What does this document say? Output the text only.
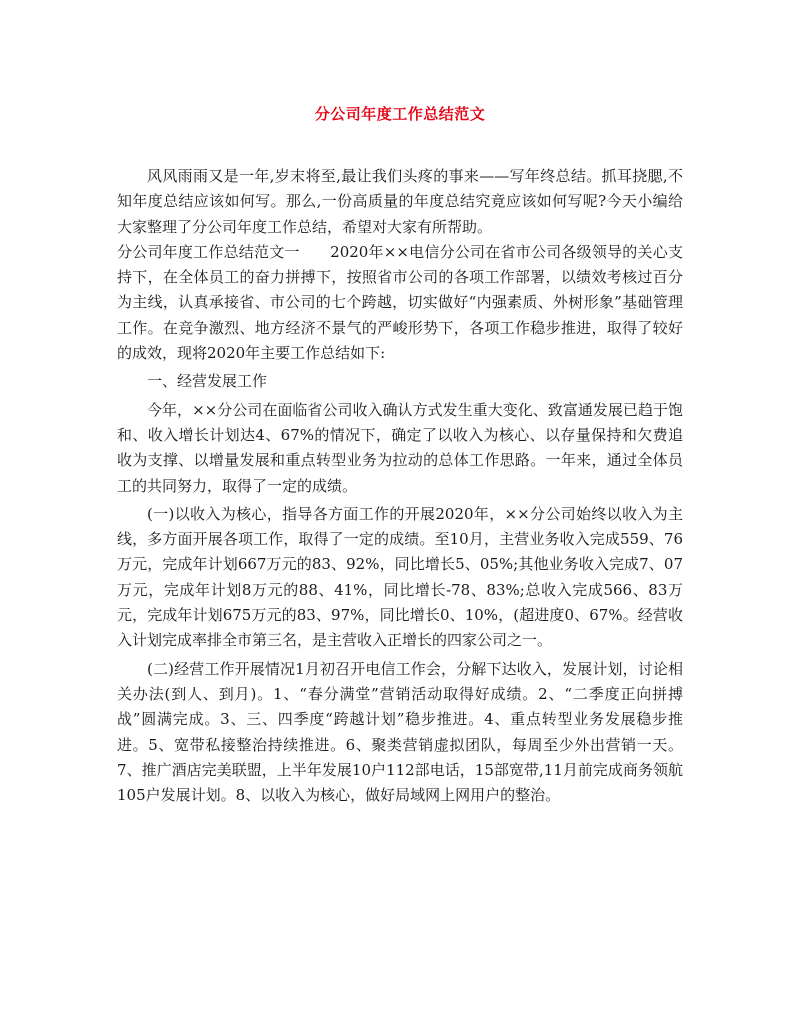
分公司年度工作总结范文

风风雨雨又是一年,岁末将至,最让我们头疼的事来——写年终总结。抓耳挠腮,不知年度总结应该如何写。那么,一份高质量的年度总结究竟应该如何写呢?今天小编给大家整理了分公司年度工作总结，希望对大家有所帮助。

分公司年度工作总结范文一　　2020年××电信分公司在省市公司各级领导的关心支持下，在全体员工的奋力拼搏下，按照省市公司的各项工作部署，以绩效考核过百分为主线，认真承接省、市公司的七个跨越，切实做好“内强素质、外树形象”基础管理工作。在竞争激烈、地方经济不景气的严峻形势下，各项工作稳步推进，取得了较好的成效，现将2020年主要工作总结如下:

一、经营发展工作

今年，××分公司在面临省公司收入确认方式发生重大变化、致富通发展已趋于饱和、收入增长计划达4、67%的情况下，确定了以收入为核心、以存量保持和欠费追收为支撑、以增量发展和重点转型业务为拉动的总体工作思路。一年来，通过全体员工的共同努力，取得了一定的成绩。

(一)以收入为核心，指导各方面工作的开展2020年，××分公司始终以收入为主线，多方面开展各项工作，取得了一定的成绩。至10月，主营业务收入完成559、76万元，完成年计划667万元的83、92%，同比增长5、05%;其他业务收入完成7、07万元，完成年计划8万元的88、41%，同比增长-78、83%;总收入完成566、83万元，完成年计划675万元的83、97%，同比增长0、10%，(超进度0、67%。经营收入计划完成率排全市第三名，是主营收入正增长的四家公司之一。

(二)经营工作开展情况1月初召开电信工作会，分解下达收入，发展计划，讨论相关办法(到人、到月)。1、“春分满堂”营销活动取得好成绩。2、“二季度正向拼搏战”圆满完成。3、三、四季度“跨越计划”稳步推进。4、重点转型业务发展稳步推进。5、宽带私接整治持续推进。6、聚类营销虚拟团队，每周至少外出营销一天。7、推广酒店完美联盟，上半年发展10户112部电话，15部宽带,11月前完成商务领航105户发展计划。8、以收入为核心，做好局域网上网用户的整治。
